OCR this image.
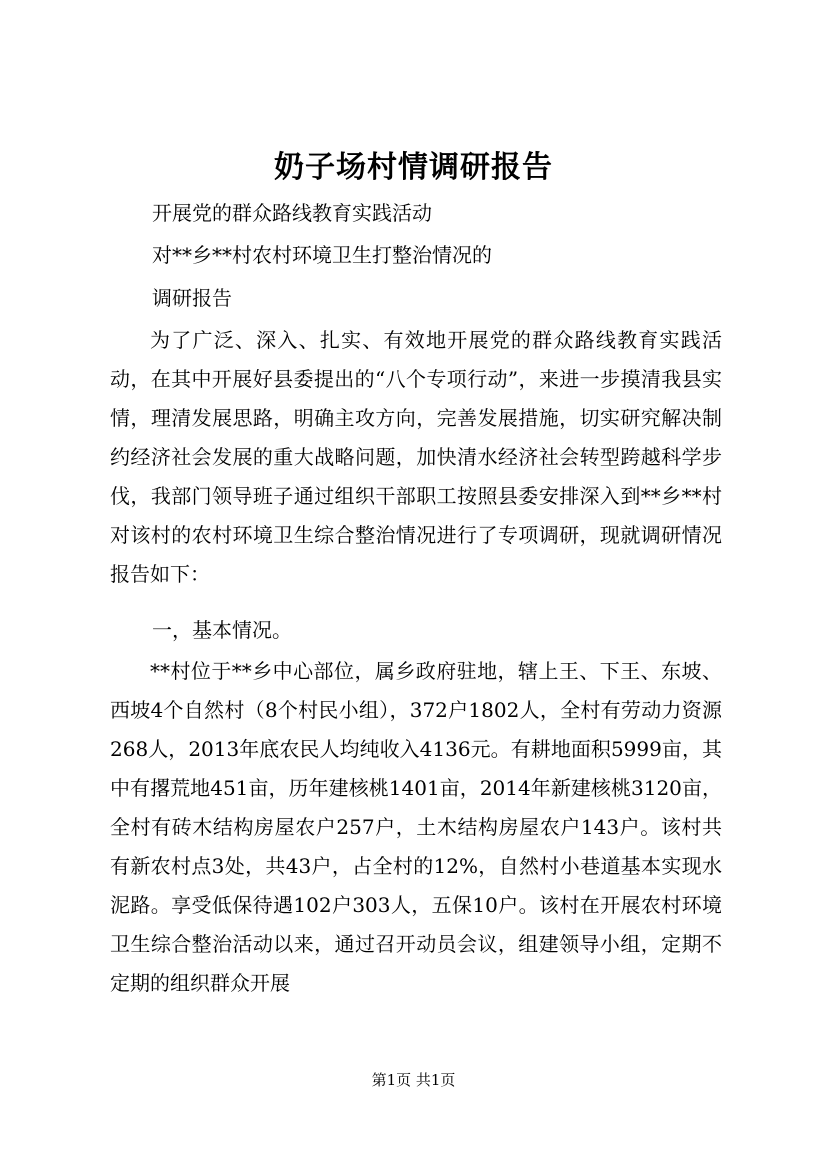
奶子场村情调研报告

开展党的群众路线教育实践活动

对**乡**村农村环境卫生打整治情况的

调研报告

为了广泛、深入、扎实、有效地开展党的群众路线教育实践活动，在其中开展好县委提出的“八个专项行动”，来进一步摸清我县实情，理清发展思路，明确主攻方向，完善发展措施，切实研究解决制约经济社会发展的重大战略问题，加快清水经济社会转型跨越科学步伐，我部门领导班子通过组织干部职工按照县委安排深入到**乡**村对该村的农村环境卫生综合整治情况进行了专项调研，现就调研情况报告如下：

一，基本情况。

**村位于**乡中心部位，属乡政府驻地，辖上王、下王、东坡、西坡4个自然村（8个村民小组），372户1802人，全村有劳动力资源268人，2013年底农民人均纯收入4136元。有耕地面积5999亩，其中有撂荒地451亩，历年建核桃1401亩，2014年新建核桃3120亩，全村有砖木结构房屋农户257户，土木结构房屋农户143户。该村共有新农村点3处，共43户，占全村的12%，自然村小巷道基本实现水泥路。享受低保待遇102户303人，五保10户。该村在开展农村环境卫生综合整治活动以来，通过召开动员会议，组建领导小组，定期不定期的组织群众开展

第1页 共1页
